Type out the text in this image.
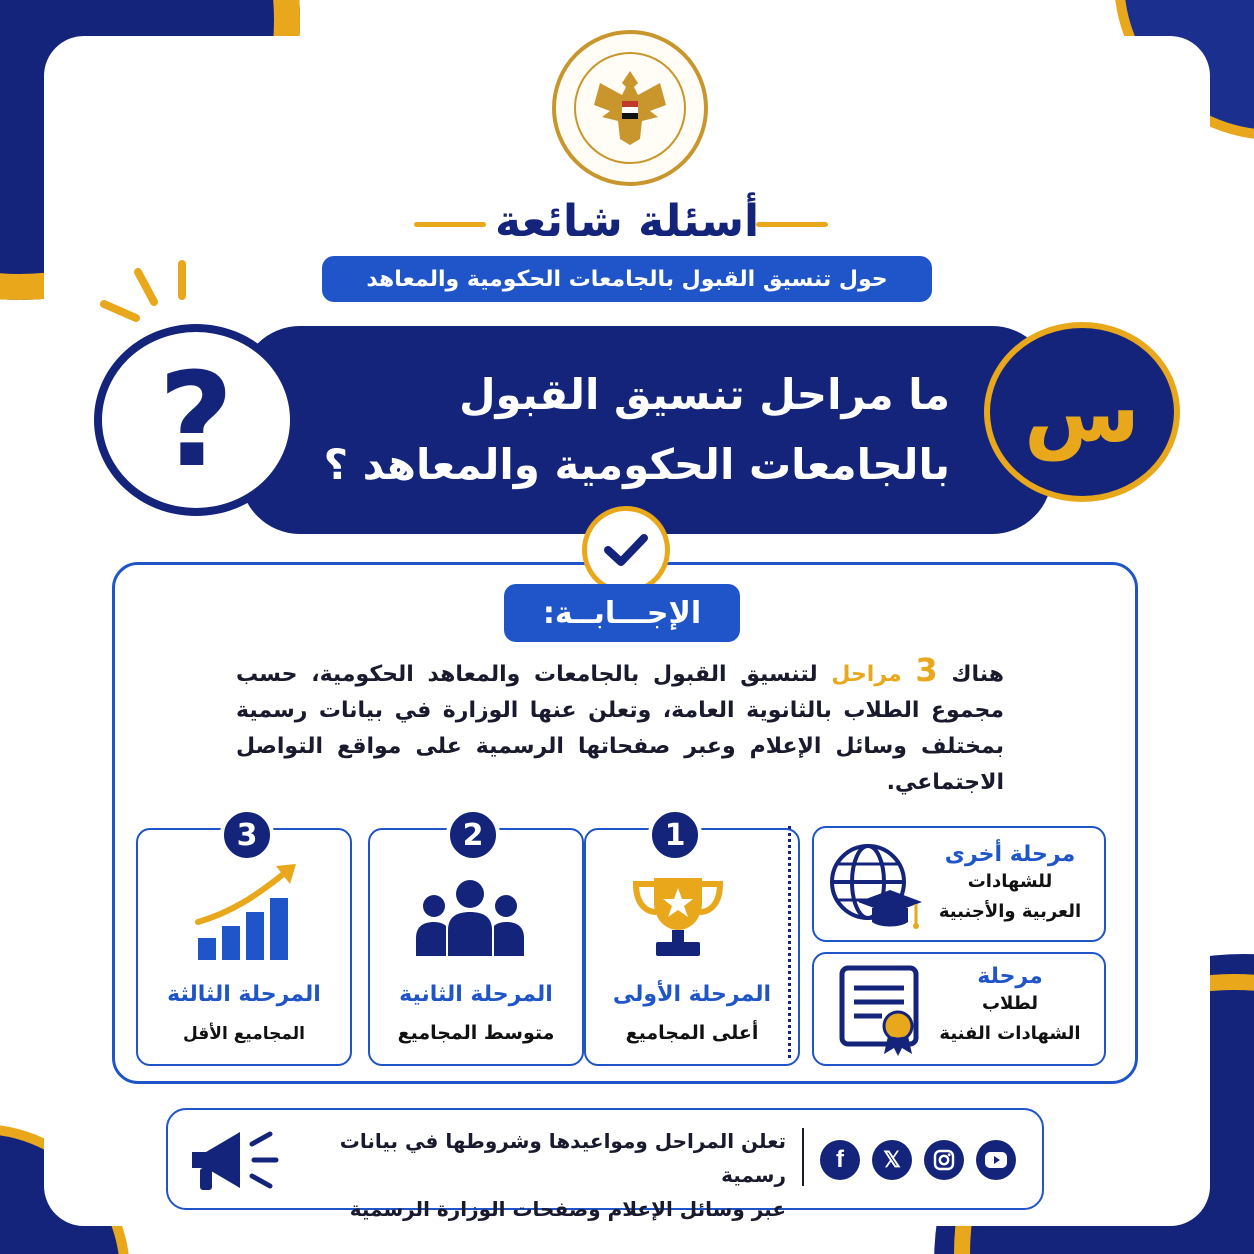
أسئلة شائعة
حول تنسيق القبول بالجامعات الحكومية والمعاهد
?	ما مراحل تنسيق القبول
بالجامعات الحكومية والمعاهد ؟
س
الإجـــابــة:
هناك 3 مراحل لتنسيق القبول بالجامعات والمعاهد الحكومية، حسب مجموع الطلاب بالثانوية العامة، وتعلن عنها الوزارة في بيانات رسمية بمختلف وسائل الإعلام وعبر صفحاتها الرسمية على مواقع التواصل الاجتماعي.
1
المرحلة الأولى
أعلى المجاميع
2
المرحلة الثانية
متوسط المجاميع
3
المرحلة الثالثة
المجاميع الأقل
مرحلة أخرى
للشهادات
العربية والأجنبية
مرحلة
لطلاب
الشهادات الفنية
تعلن المراحل ومواعيدها وشروطها في بيانات رسمية
عبر وسائل الإعلام وصفحات الوزارة الرسمية
f 𝕏
